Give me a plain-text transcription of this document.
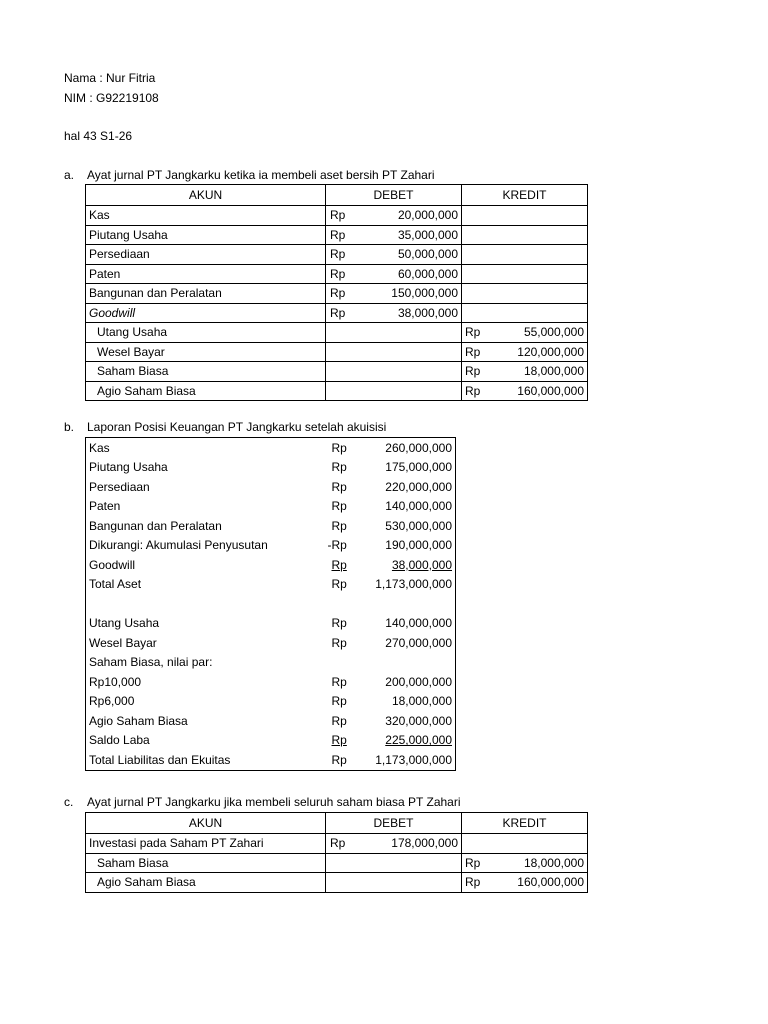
Nama : Nur Fitria
NIM : G92219108
hal 43 S1-26
a. Ayat jurnal PT Jangkarku ketika ia membeli aset bersih PT Zahari
AKUN	DEBET		KREDIT	
Kas	Rp	20,000,000		
Piutang Usaha	Rp	35,000,000		
Persediaan	Rp	50,000,000		
Paten	Rp	60,000,000		
Bangunan dan Peralatan	Rp	150,000,000		
Goodwill	Rp	38,000,000		
Utang Usaha			Rp	55,000,000
Wesel Bayar			Rp	120,000,000
Saham Biasa			Rp	18,000,000
Agio Saham Biasa			Rp	160,000,000
b. Laporan Posisi Keuangan PT Jangkarku setelah akuisisi
Kas	Rp	260,000,000
Piutang Usaha	Rp	175,000,000
Persediaan	Rp	220,000,000
Paten	Rp	140,000,000
Bangunan dan Peralatan	Rp	530,000,000
Dikurangi: Akumulasi Penyusutan	-Rp	190,000,000
Goodwill	Rp	38,000,000
Total Aset	Rp	1,173,000,000

Utang Usaha	Rp	140,000,000
Wesel Bayar	Rp	270,000,000
Saham Biasa, nilai par:		
Rp10,000	Rp	200,000,000
Rp6,000	Rp	18,000,000
Agio Saham Biasa	Rp	320,000,000
Saldo Laba	Rp	225,000,000
Total Liabilitas dan Ekuitas	Rp	1,173,000,000
c. Ayat jurnal PT Jangkarku jika membeli seluruh saham biasa PT Zahari
AKUN	DEBET		KREDIT	
Investasi pada Saham PT Zahari	Rp	178,000,000		
Saham Biasa			Rp	18,000,000
Agio Saham Biasa			Rp	160,000,000
